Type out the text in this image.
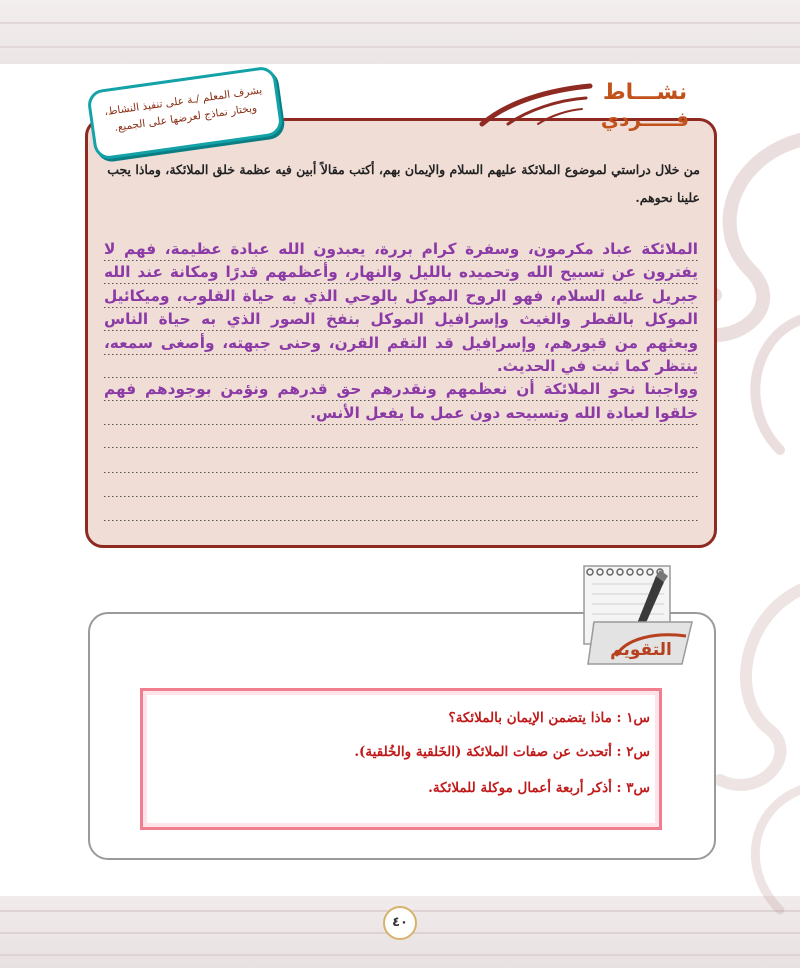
نشـــاط
فـــــردي
يشرف المعلم /ـة على تنفيذ النشاط، ويختار نماذج لعرضها على الجميع.
من خلال دراستي لموضوع الملائكة عليهم السلام والإيمان بهم، أكتب مقالاً أبين فيه عظمة خلق الملائكة، وماذا يجب علينا نحوهم.

الملائكة عباد مكرمون، وسفرة كرام بررة، يعبدون الله عبادة عظيمة، فهم لا يفترون عن تسبيح الله وتحميده بالليل والنهار، وأعظمهم قدرًا ومكانة عند الله جبريل عليه السلام، فهو الروح الموكل بالوحي الذي به حياة القلوب، وميكائيل الموكل بالقطر والغيث وإسرافيل الموكل بنفخ الصور الذي به حياة الناس وبعثهم من قبورهم، وإسرافيل قد التقم القرن، وحنى جبهته، وأصغى سمعه، ينتظر كما ثبت في الحديث.

وواجبنا نحو الملائكة أن نعظمهم ونقدرهم حق قدرهم ونؤمن بوجودهم فهم خلقوا لعبادة الله وتسبيحه دون عمل ما يفعل الأنس.

التقويم
س١ : ماذا يتضمن الإيمان بالملائكة؟
س٢ : أتحدث عن صفات الملائكة (الخَلقية والخُلقية).
س٣ : أذكر أربعة أعمال موكلة للملائكة.
٤٠
